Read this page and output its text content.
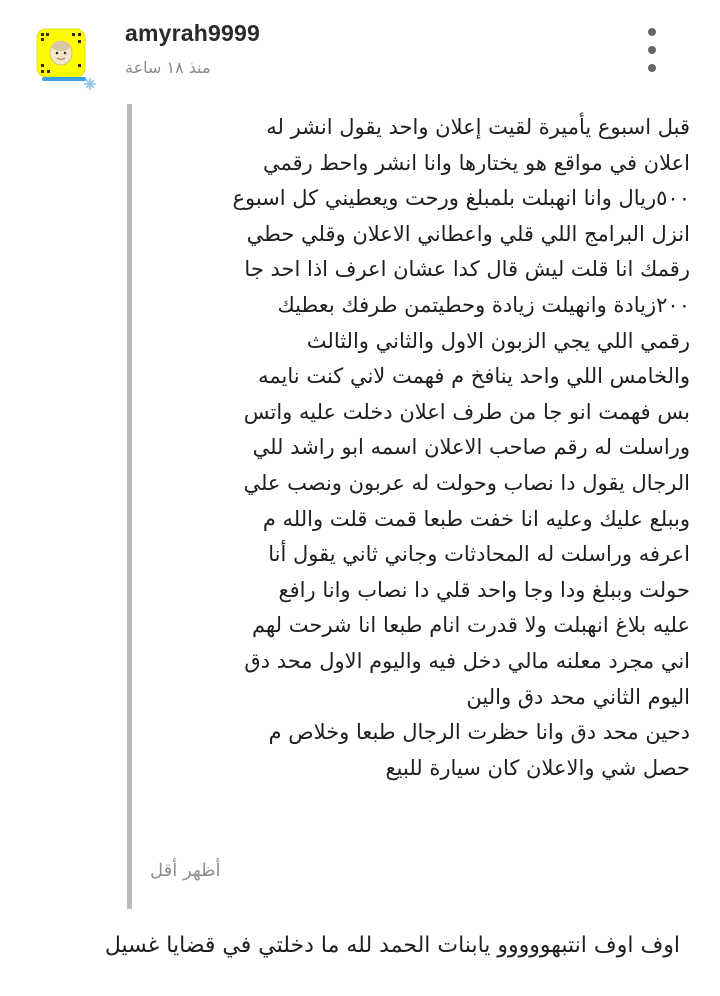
amyrah9999
منذ ١٨ ساعة
قبل اسبوع يأميرة لقيت إعلان واحد يقول انشر له
اعلان في مواقع هو يختارها وانا انشر واحط رقمي
٥٠٠ريال وانا انهبلت بلمبلغ ورحت ويعطيني كل اسبوع
انزل البرامج اللي قلي واعطاني الاعلان وقلي حطي
رقمك انا قلت ليش قال كدا عشان اعرف اذا احد جا
٢٠٠زيادة وانهيلت زيادة وحطيتمن طرفك بعطيك
رقمي اللي يجي الزبون الاول والثاني والثالث
والخامس اللي واحد ينافخ م فهمت لاني كنت نايمه
بس فهمت انو جا من طرف اعلان دخلت عليه واتس
وراسلت له رقم صاحب الاعلان اسمه ابو راشد للي
الرجال يقول دا نصاب وحولت له عربون ونصب علي
وببلع عليك وعليه انا خفت طبعا قمت قلت والله م
اعرفه وراسلت له المحادثات وجاني ثاني يقول أنا
حولت وببلغ ودا وجا واحد قلي دا نصاب وانا رافع
عليه بلاغ انهبلت ولا قدرت انام طبعا انا شرحت لهم
اني مجرد معلنه مالي دخل فيه واليوم الاول محد دق
اليوم الثاني محد دق والين
دحين محد دق وانا حظرت الرجال طبعا وخلاص م
حصل شي والاعلان كان سيارة للبيع
أظهر أقل
اوف اوف انتبهووووو يابنات الحمد لله ما دخلتي في قضايا غسيل
